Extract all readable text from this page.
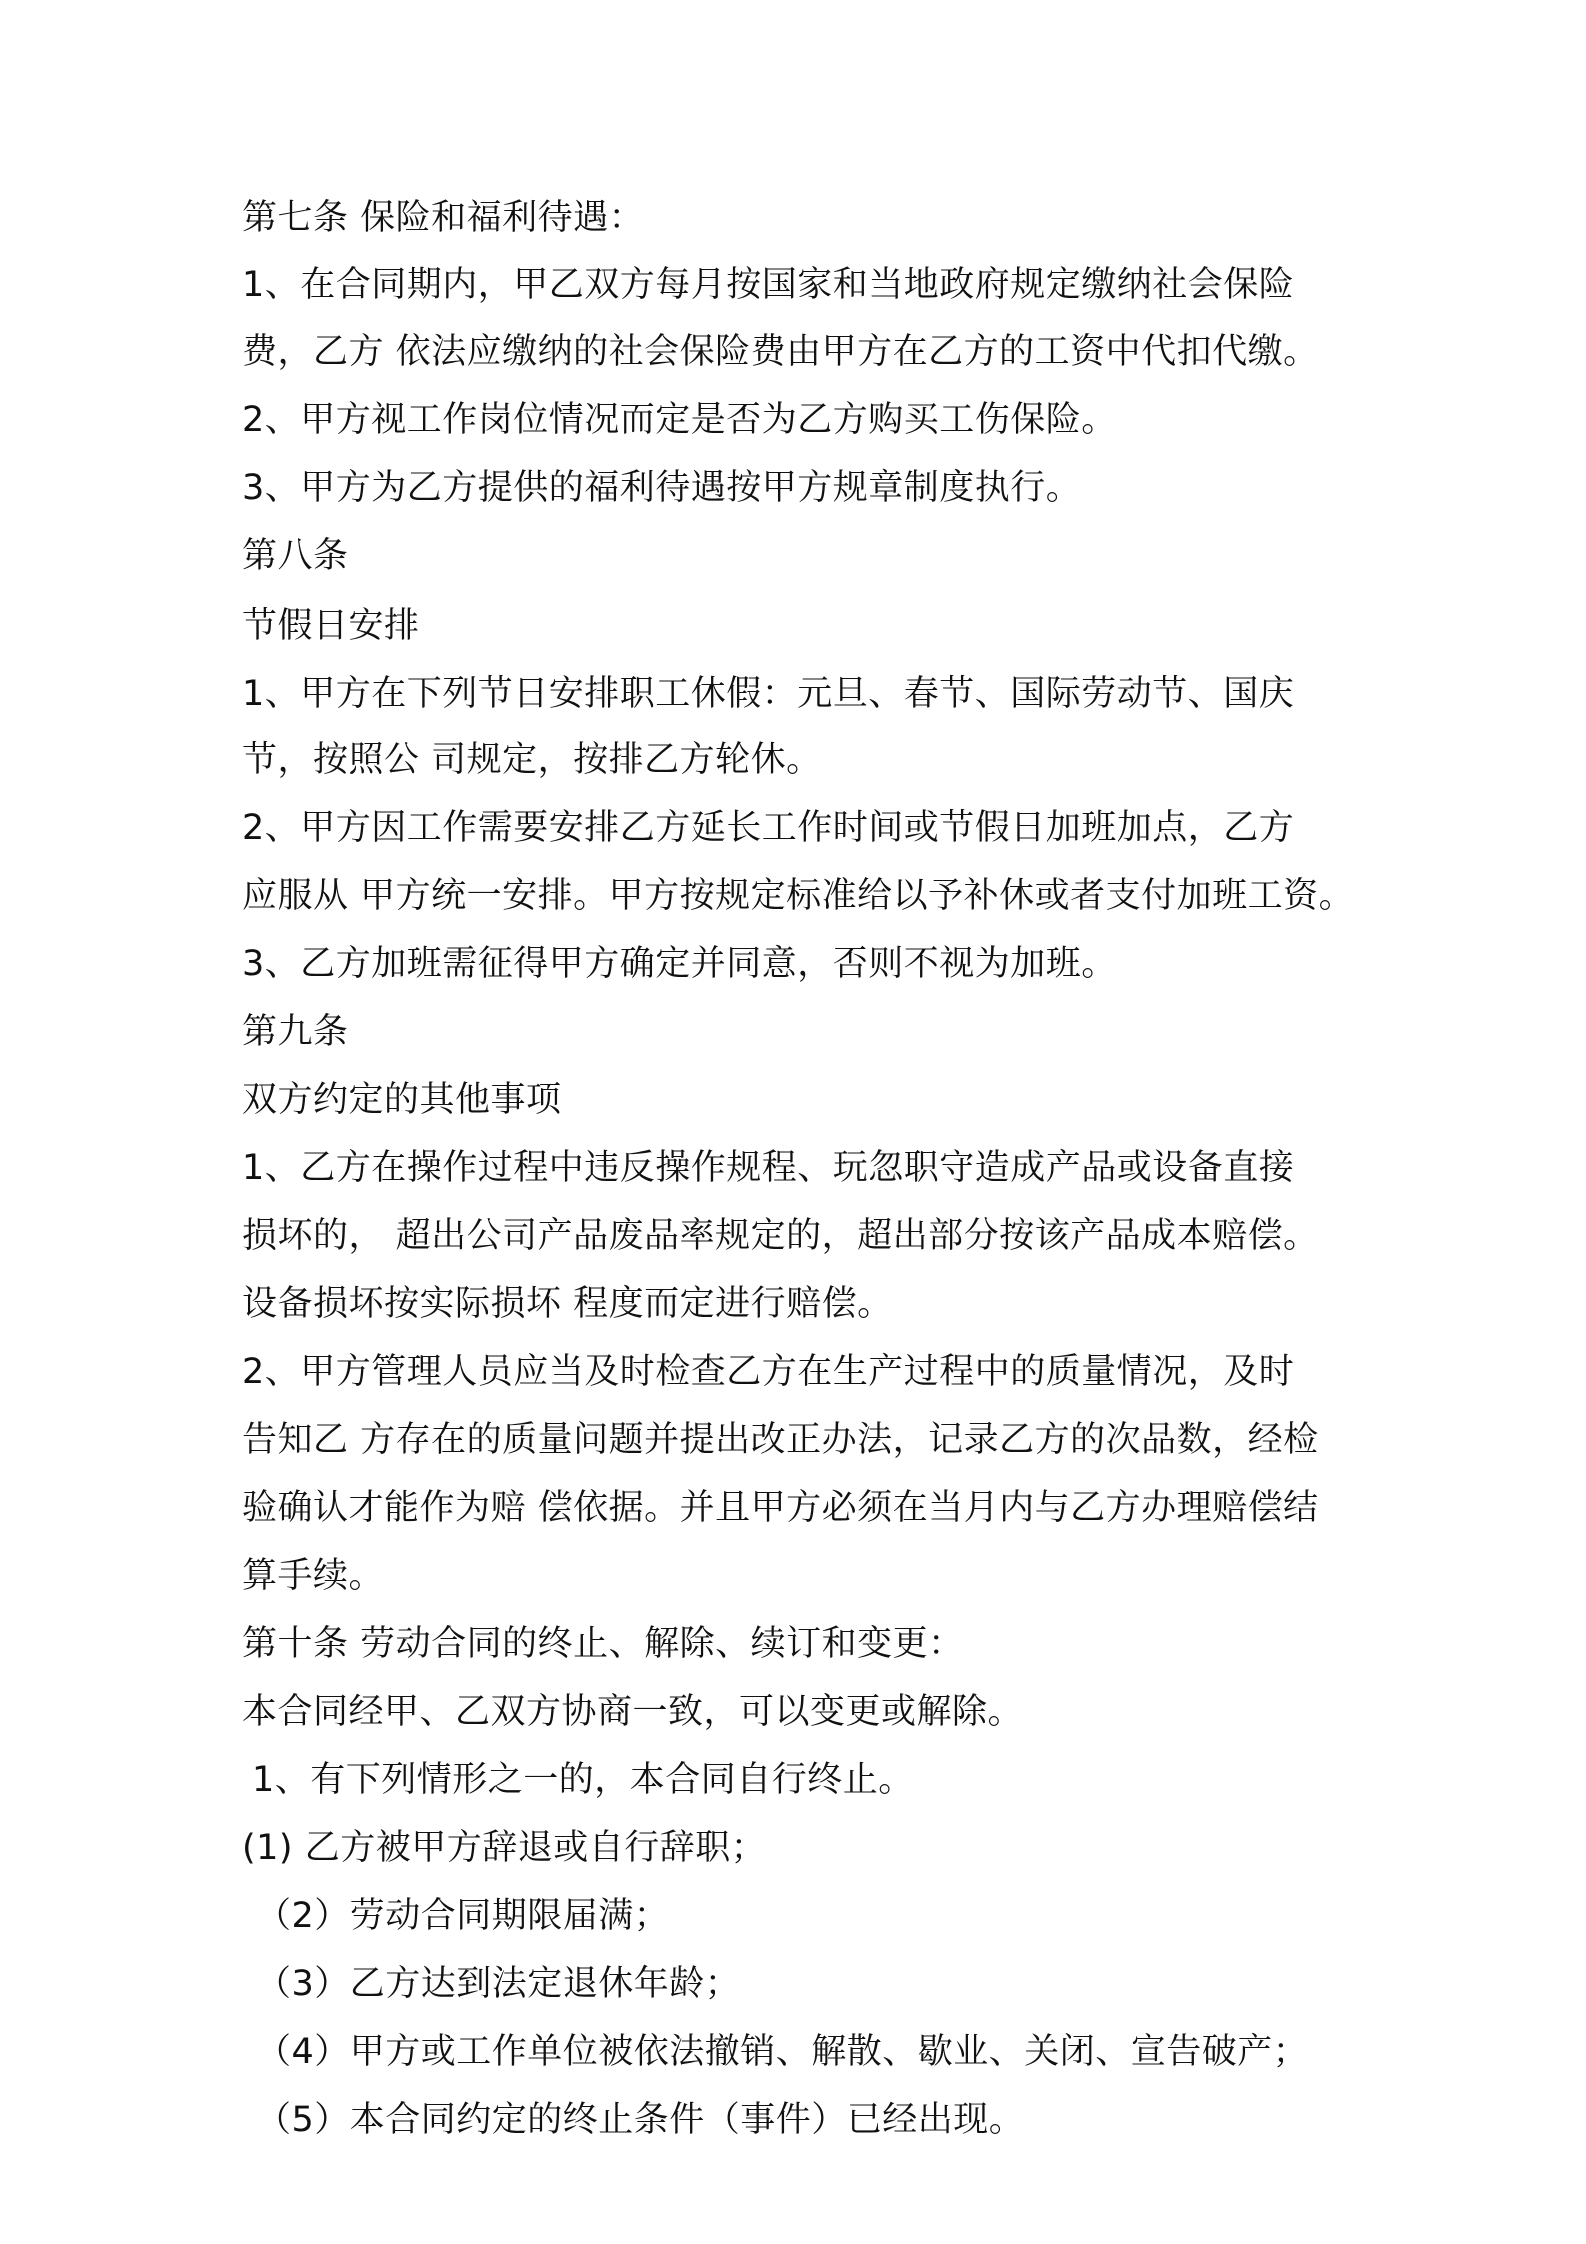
第七条 保险和福利待遇：
1、在合同期内，甲乙双方每月按国家和当地政府规定缴纳社会保险
费，乙方 依法应缴纳的社会保险费由甲方在乙方的工资中代扣代缴。
2、甲方视工作岗位情况而定是否为乙方购买工伤保险。
3、甲方为乙方提供的福利待遇按甲方规章制度执行。
第八条
节假日安排
1、甲方在下列节日安排职工休假：元旦、春节、国际劳动节、国庆
节，按照公 司规定，按排乙方轮休。
2、甲方因工作需要安排乙方延长工作时间或节假日加班加点，乙方
应服从 甲方统一安排。甲方按规定标准给以予补休或者支付加班工资。
3、乙方加班需征得甲方确定并同意，否则不视为加班。
第九条
双方约定的其他事项
1、乙方在操作过程中违反操作规程、玩忽职守造成产品或设备直接
损坏的， 超出公司产品废品率规定的，超出部分按该产品成本赔偿。
设备损坏按实际损坏 程度而定进行赔偿。
2、甲方管理人员应当及时检查乙方在生产过程中的质量情况，及时
告知乙 方存在的质量问题并提出改正办法，记录乙方的次品数，经检
验确认才能作为赔 偿依据。并且甲方必须在当月内与乙方办理赔偿结
算手续。
第十条 劳动合同的终止、解除、续订和变更：
本合同经甲、乙双方协商一致，可以变更或解除。
1、有下列情形之一的，本合同自行终止。
(1) 乙方被甲方辞退或自行辞职；
（2）劳动合同期限届满；
（3）乙方达到法定退休年龄；
（4）甲方或工作单位被依法撤销、解散、歇业、关闭、宣告破产；
（5）本合同约定的终止条件（事件）已经出现。
